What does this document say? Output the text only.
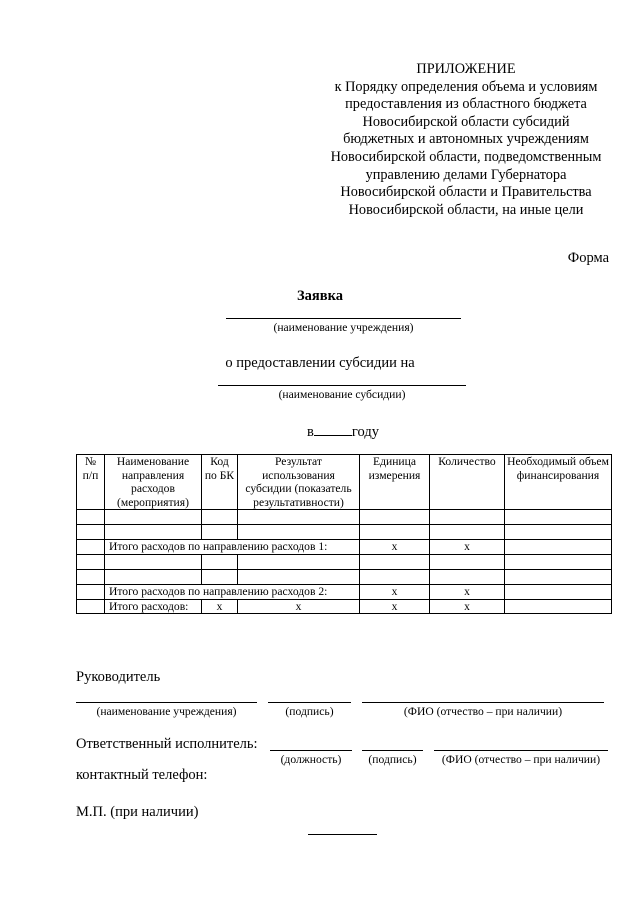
ПРИЛОЖЕНИЕ
к Порядку определения объема и условиям
предоставления из областного бюджета
Новосибирской области субсидий
бюджетных и автономных учреждениям
Новосибирской области, подведомственным
управлению делами Губернатора
Новосибирской области и Правительства
Новосибирской области, на иные цели
Форма
Заявка
(наименование учреждения)
о предоставлении субсидии на
(наименование субсидии)
в	году
№ п/п	Наименование направления расходов (мероприятия)	Код по БК	Результат использования субсидии (показатель результативности)	Единица измерения	Количество	Необходимый объем финансирования

	Итого расходов по направлению расходов 1:			x	x	

	Итого расходов по направлению расходов 2:			x	x	
	Итого расходов:	x	x	x	x	
Руководитель
(наименование учреждения)	(подпись)	(ФИО (отчество – при наличии)
Ответственный исполнитель:
(должность)	(подпись)	(ФИО (отчество – при наличии)
контактный телефон:
М.П. (при наличии)
